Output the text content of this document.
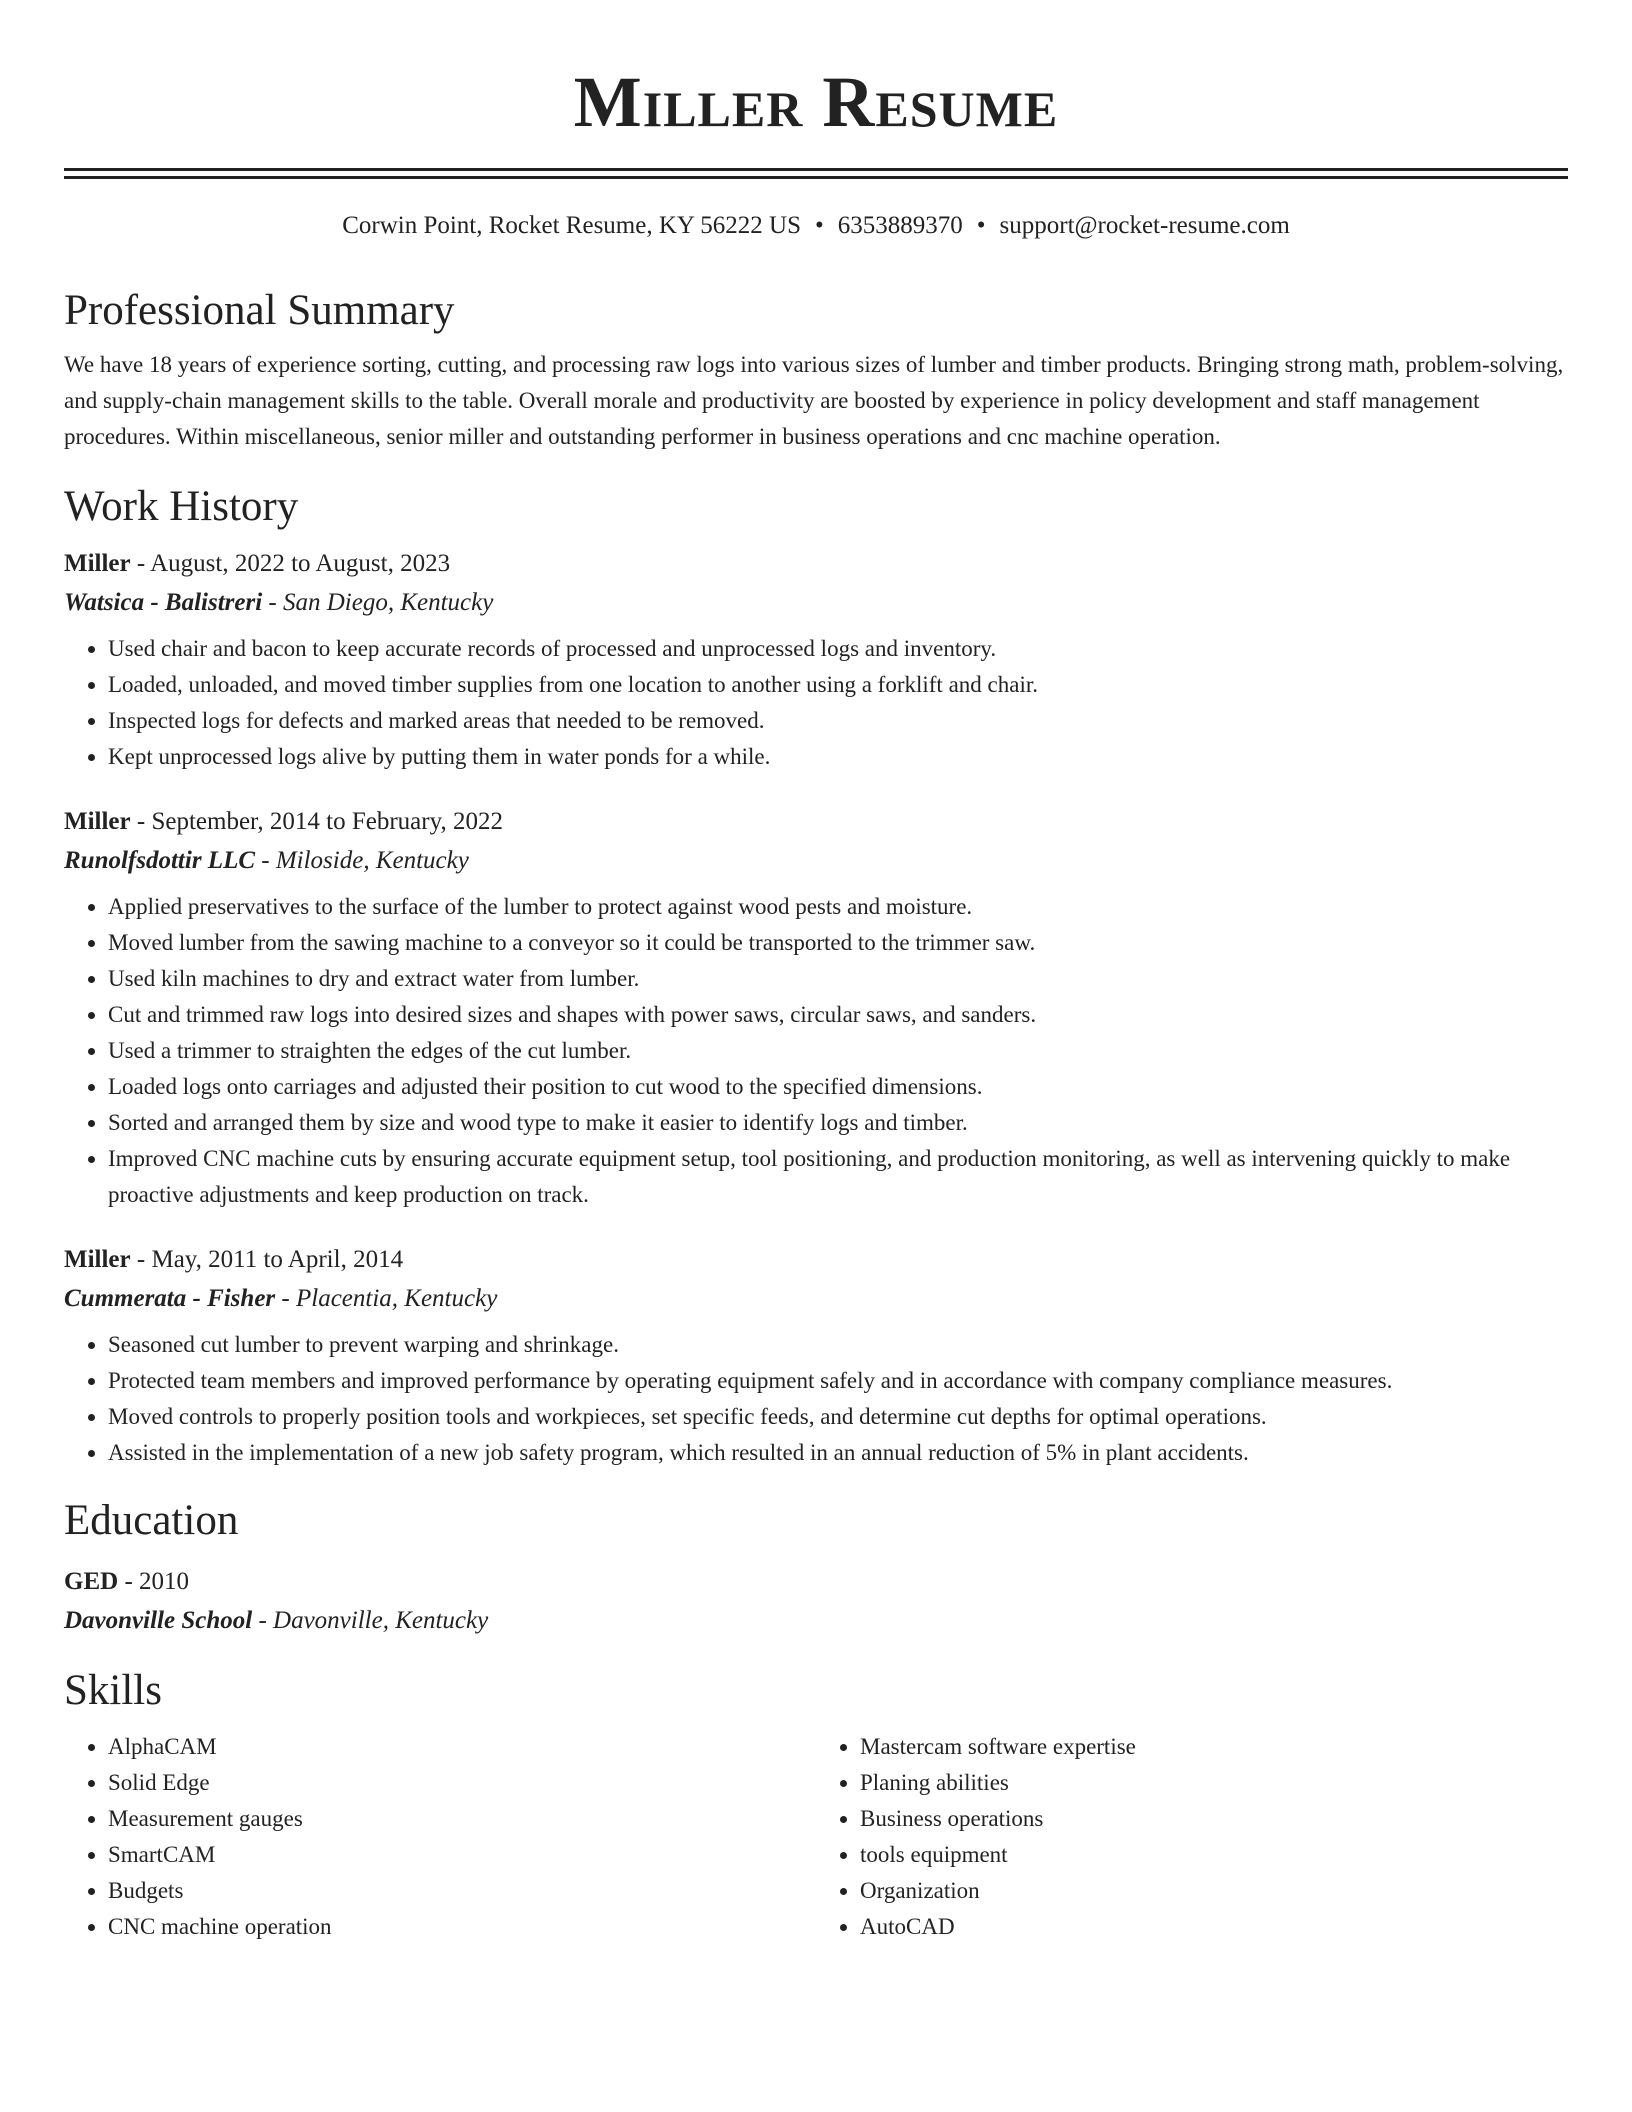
Miller Resume
Corwin Point, Rocket Resume, KY 56222 US • 6353889370 • support@rocket-resume.com
Professional Summary

We have 18 years of experience sorting, cutting, and processing raw logs into various sizes of lumber and timber products. Bringing strong math, problem-solving, and supply-chain management skills to the table. Overall morale and productivity are boosted by experience in policy development and staff management procedures. Within miscellaneous, senior miller and outstanding performer in business operations and cnc machine operation.

Work History
Miller - August, 2022 to August, 2023
Watsica - Balistreri - San Diego, Kentucky
• Used chair and bacon to keep accurate records of processed and unprocessed logs and inventory.
• Loaded, unloaded, and moved timber supplies from one location to another using a forklift and chair.
• Inspected logs for defects and marked areas that needed to be removed.
• Kept unprocessed logs alive by putting them in water ponds for a while.
Miller - September, 2014 to February, 2022
Runolfsdottir LLC - Miloside, Kentucky
• Applied preservatives to the surface of the lumber to protect against wood pests and moisture.
• Moved lumber from the sawing machine to a conveyor so it could be transported to the trimmer saw.
• Used kiln machines to dry and extract water from lumber.
• Cut and trimmed raw logs into desired sizes and shapes with power saws, circular saws, and sanders.
• Used a trimmer to straighten the edges of the cut lumber.
• Loaded logs onto carriages and adjusted their position to cut wood to the specified dimensions.
• Sorted and arranged them by size and wood type to make it easier to identify logs and timber.
• Improved CNC machine cuts by ensuring accurate equipment setup, tool positioning, and production monitoring, as well as intervening quickly to make proactive adjustments and keep production on track.
Miller - May, 2011 to April, 2014
Cummerata - Fisher - Placentia, Kentucky
• Seasoned cut lumber to prevent warping and shrinkage.
• Protected team members and improved performance by operating equipment safely and in accordance with company compliance measures.
• Moved controls to properly position tools and workpieces, set specific feeds, and determine cut depths for optimal operations.
• Assisted in the implementation of a new job safety program, which resulted in an annual reduction of 5% in plant accidents.
Education
GED - 2010
Davonville School - Davonville, Kentucky
Skills
• AlphaCAM
• Solid Edge
• Measurement gauges
• SmartCAM
• Budgets
• CNC machine operation
• Mastercam software expertise
• Planing abilities
• Business operations
• tools equipment
• Organization
• AutoCAD
